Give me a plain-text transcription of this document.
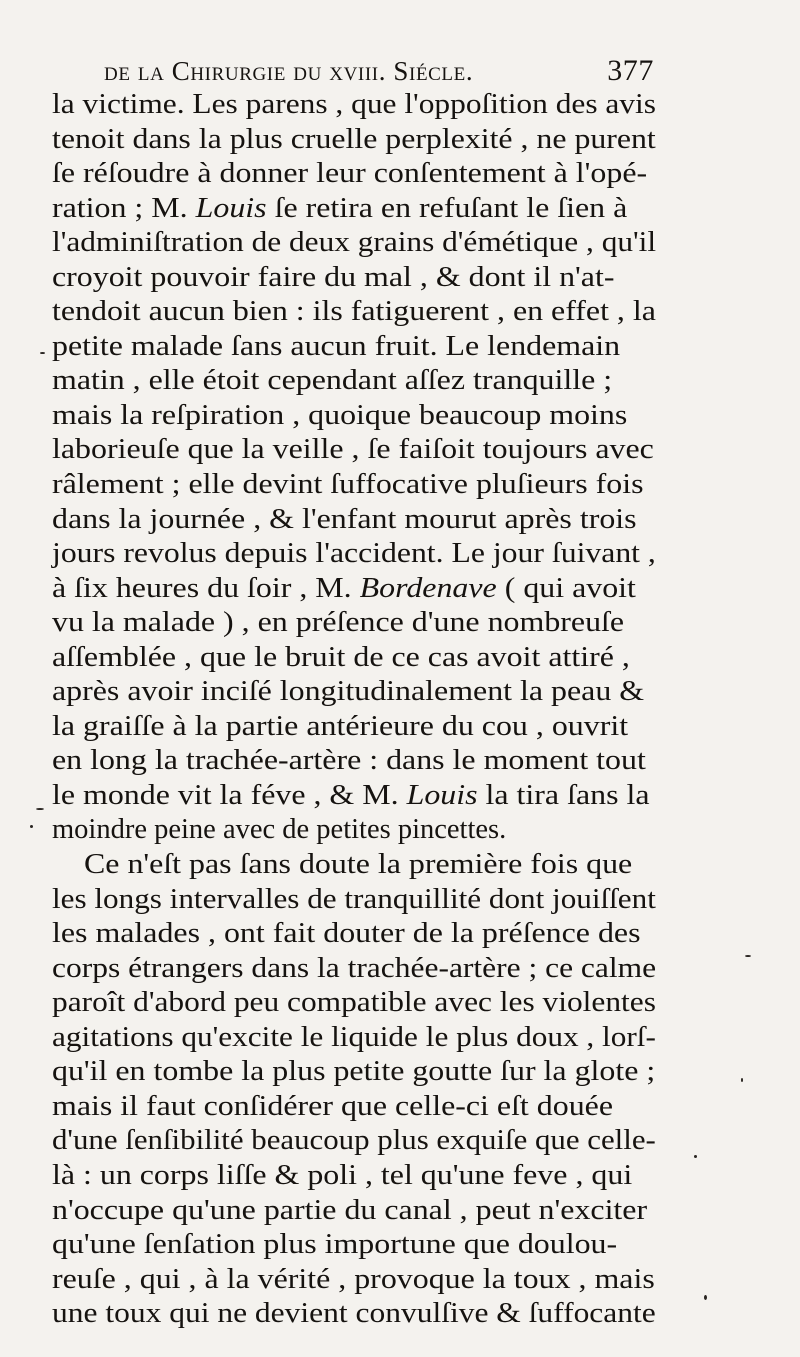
de la Chirurgie du xviii. Siécle.	377
la victime. Les parens , que l'oppoſition des avis
tenoit dans la plus cruelle perplexité , ne purent
ſe réſoudre à donner leur conſentement à l'opé-
ration ; M. Louis ſe retira en refuſant le ſien à
l'adminiſtration de deux grains d'émétique , qu'il
croyoit pouvoir faire du mal , & dont il n'at-
tendoit aucun bien : ils fatiguerent , en effet , la
petite malade ſans aucun fruit. Le lendemain
matin , elle étoit cependant aſſez tranquille ;
mais la reſpiration , quoique beaucoup moins
laborieuſe que la veille , ſe faiſoit toujours avec
râlement ; elle devint ſuffocative pluſieurs fois
dans la journée , & l'enfant mourut après trois
jours revolus depuis l'accident. Le jour ſuivant ,
à ſix heures du ſoir , M. Bordenave ( qui avoit
vu la malade ) , en préſence d'une nombreuſe
aſſemblée , que le bruit de ce cas avoit attiré ,
après avoir inciſé longitudinalement la peau &
la graiſſe à la partie antérieure du cou , ouvrit
en long la trachée-artère : dans le moment tout
le monde vit la féve , & M. Louis la tira ſans la
moindre peine avec de petites pincettes.
Ce n'eſt pas ſans doute la première fois que
les longs intervalles de tranquillité dont jouiſſent
les malades , ont fait douter de la préſence des
corps étrangers dans la trachée-artère ; ce calme
paroît d'abord peu compatible avec les violentes
agitations qu'excite le liquide le plus doux , lorſ-
qu'il en tombe la plus petite goutte ſur la glote ;
mais il faut conſidérer que celle-ci eſt douée
d'une ſenſibilité beaucoup plus exquiſe que celle-
là : un corps liſſe & poli , tel qu'une feve , qui
n'occupe qu'une partie du canal , peut n'exciter
qu'une ſenſation plus importune que doulou-
reuſe , qui , à la vérité , provoque la toux , mais
une toux qui ne devient convulſive & ſuffocante
